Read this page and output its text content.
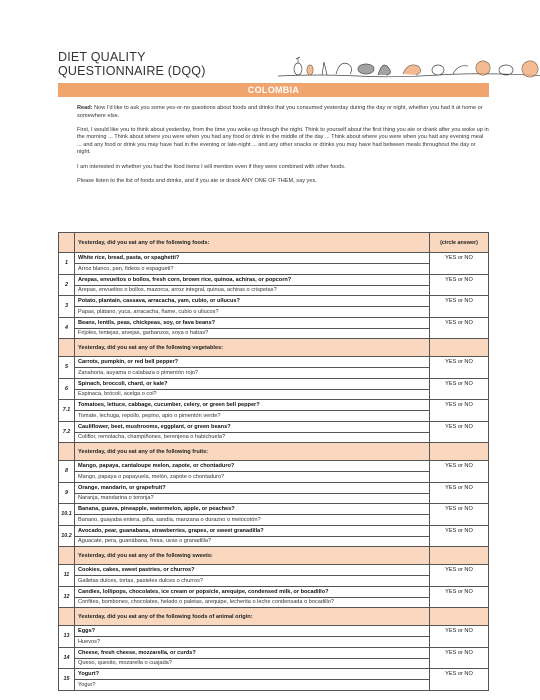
DIET QUALITY
QUESTIONNAIRE (DQQ)
COLOMBIA

Read: Now I'd like to ask you some yes-or-no questions about foods and drinks that you consumed yesterday during the day or night, whether you had it at home or somewhere else.

First, I would like you to think about yesterday, from the time you woke up through the night. Think to yourself about the first thing you ate or drank after you woke up in the morning ... Think about where you were when you had any food or drink in the middle of the day ... Think about where you were when you had any evening meal ... and any food or drink you may have had in the evening or late-night ... and any other snacks or drinks you may have had between meals throughout the day or night.

I am interested in whether you had the food items I will mention even if they were combined with other foods.

Please listen to the list of foods and drinks, and if you ate or drank ANY ONE OF THEM, say yes.

	Yesterday, did you eat any of the following foods:	(circle answer)
1	White rice, bread, pasta, or spaghetti?
Arroz blanco, pan, fideos o espagueti?	YES or NO
2	Arepas, envueltos o bollos, fresh corn, brown rice, quinoa, achiras, or popcorn?
Arepas, envueltos o bollos, mazorca, arroz integral, quinua, achiras o crispetas?	YES or NO
3	Potato, plantain, cassava, arracacha, yam, cubio, or ullucus?
Papas, plátano, yuca, arracacha, ñame, cubio o ullucos?	YES or NO
4	Beans, lentils, peas, chickpeas, soy, or fava beans?
Frijoles, lentejas, arvejas, garbanzos, soya o habas?	YES or NO
	Yesterday, did you eat any of the following vegetables:	
5	Carrots, pumpkin, or red bell pepper?
Zanahoria, auyama o calabaza o pimentón rojo?	YES or NO
6	Spinach, broccoli, chard, or kale?
Espinaca, brócoli, acelga o col?	YES or NO
7.1	Tomatoes, lettuce, cabbage, cucumber, celery, or green bell pepper?
Tomate, lechuga, repollo, pepino, apio o pimentón verde?	YES or NO
7.2	Cauliflower, beet, mushrooms, eggplant, or green beans?
Coliflor, remolacha, champiñones, berenjena o habichuela?	YES or NO
	Yesterday, did you eat any of the following fruits:	
8	Mango, papaya, cantaloupe melon, zapote, or chontaduro?
Mango, papaya o papayuela, melón, zapote o chontaduro?	YES or NO
9	Orange, mandarin, or grapefruit?
Naranja, mandarina o toronja?	YES or NO
10.1	Banana, guava, pineapple, watermelon, apple, or peaches?
Banano, guayaba entera, piña, sandía, manzana o durazno o melocotón?	YES or NO
10.2	Avocado, pear, guanabana, strawberries, grapes, or sweet granadilla?
Aguacate, pera, guanábana, fresa, uvas o granadilla?	YES or NO
	Yesterday, did you eat any of the following sweets:	
11	Cookies, cakes, sweet pastries, or churros?
Galletas dulces, tortas, pasteles dulces o churros?	YES or NO
12	Candies, lollipops, chocolates, ice cream or popsicle, arequipe, condensed milk, or bocadillo?
Confites, bombones, chocolates, helado o paletas, arequipe, lecherita o leche condensada o bocadillo?	YES or NO
	Yesterday, did you eat any of the following foods of animal origin:	
13	Eggs?
Huevos?	YES or NO
14	Cheese, fresh cheese, mozzarella, or curds?
Queso, quesito, mozarella o cuajada?	YES or NO
15	Yogurt?
Yogur?	YES or NO
